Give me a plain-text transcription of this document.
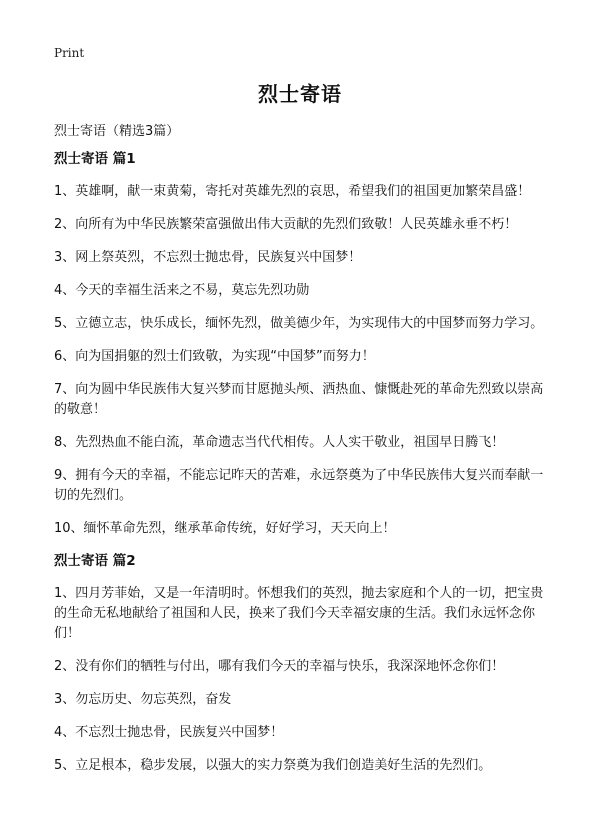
Print
烈士寄语
烈士寄语（精选3篇）
烈士寄语 篇1
1、英雄啊，献一束黄菊，寄托对英雄先烈的哀思，希望我们的祖国更加繁荣昌盛！
2、向所有为中华民族繁荣富强做出伟大贡献的先烈们致敬！人民英雄永垂不朽！
3、网上祭英烈，不忘烈士抛忠骨，民族复兴中国梦！
4、今天的幸福生活来之不易，莫忘先烈功勋
5、立德立志，快乐成长，缅怀先烈，做美德少年，为实现伟大的中国梦而努力学习。
6、向为国捐躯的烈士们致敬，为实现“中国梦”而努力！
7、向为圆中华民族伟大复兴梦而甘愿抛头颅、洒热血、慷慨赴死的革命先烈致以崇高的敬意！
8、先烈热血不能白流，革命遗志当代代相传。人人实干敬业，祖国早日腾飞！
9、拥有今天的幸福，不能忘记昨天的苦难，永远祭奠为了中华民族伟大复兴而奉献一切的先烈们。
10、缅怀革命先烈，继承革命传统，好好学习，天天向上！
烈士寄语 篇2
1、四月芳菲始，又是一年清明时。怀想我们的英烈，抛去家庭和个人的一切，把宝贵的生命无私地献给了祖国和人民，换来了我们今天幸福安康的生活。我们永远怀念你们！
2、没有你们的牺牲与付出，哪有我们今天的幸福与快乐，我深深地怀念你们！
3、勿忘历史、勿忘英烈，奋发
4、不忘烈士抛忠骨，民族复兴中国梦！
5、立足根本，稳步发展，以强大的实力祭奠为我们创造美好生活的先烈们。
